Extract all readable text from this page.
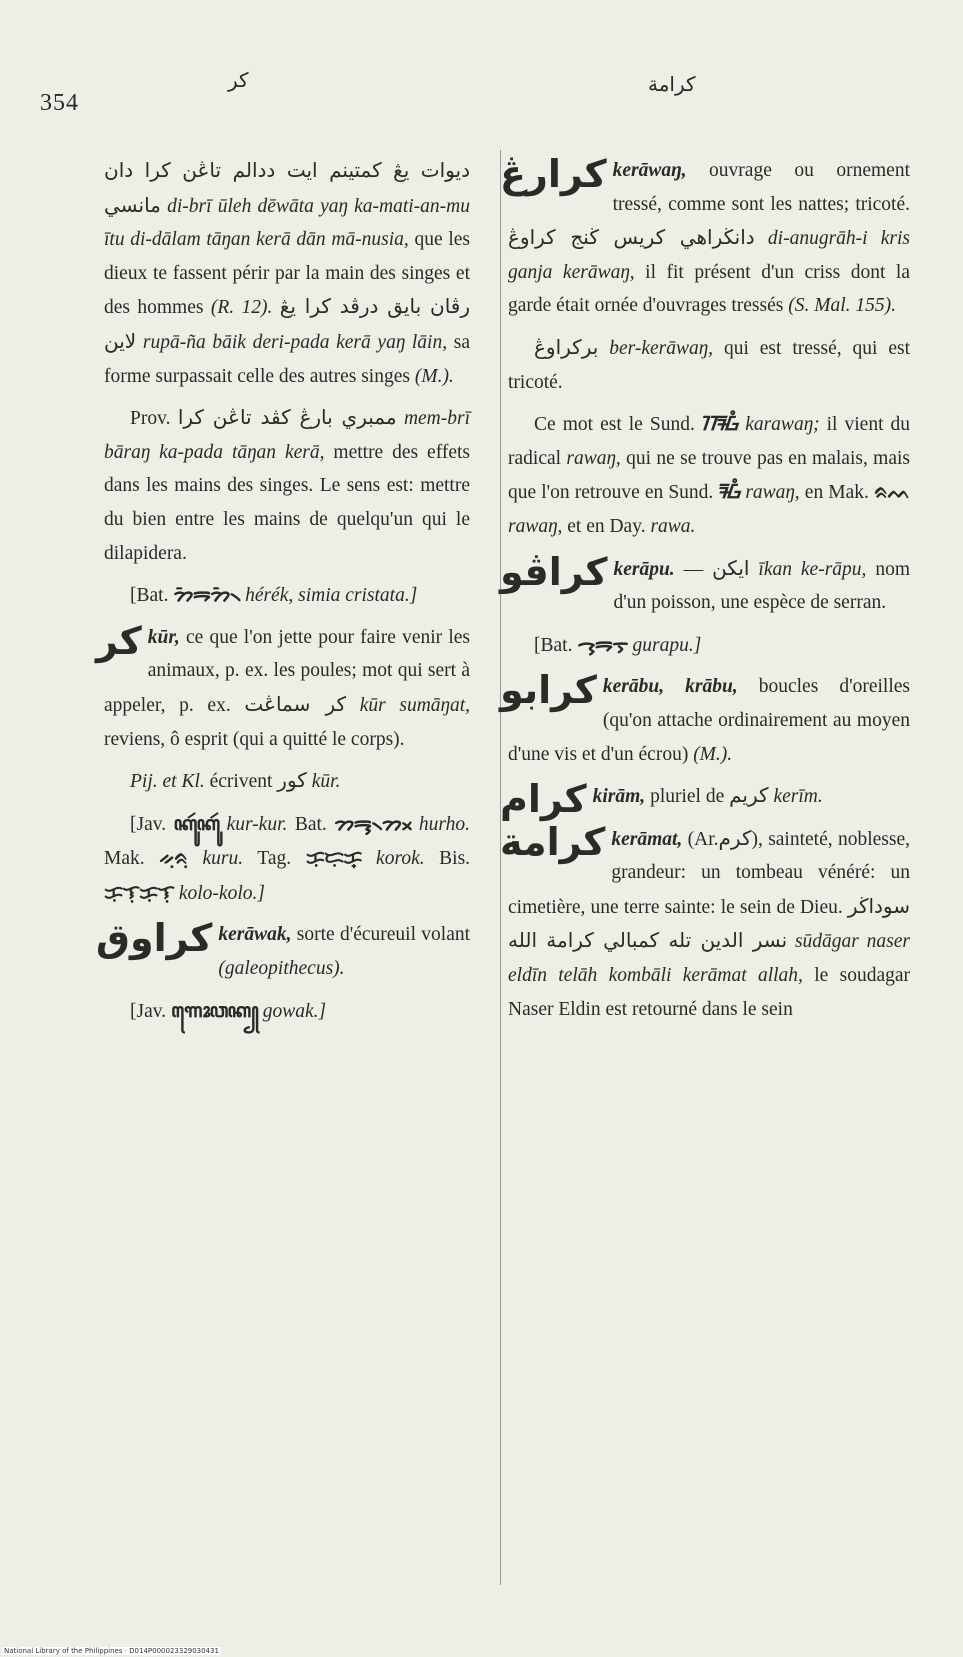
354
كر	كرامة

ديوات يڠ كمتينم ايت ددالم تاڠن كرا دان مانسي di-brī ūleh dēwāta yaŋ ka-mati-an-mu ītu di-dālam tāŋan kerā dān mā-nusia, que les dieux te fassent périr par la main des singes et des hommes (R. 12). رڤان بايق درڤد كرا يڠ لاين rupā-ña bāik deri-pada kerā yaŋ lāin, sa forme surpassait celle des autres singes (M.).

Prov. ممبري بارڠ كڤد تاڠن كرا mem-brī bāraŋ ka-pada tāŋan kerā, mettre des effets dans les mains des singes. Le sens est: mettre du bien entre les mains de quelqu'un qui le dilapidera.

[Bat. ᯂᯩᯒᯩᯂ᯲ hérék, simia cristata.]

كر kūr, ce que l'on jette pour faire venir les animaux, p. ex. les poules; mot qui sert à appeler, p. ex. كر سماڠت kūr sumāŋat, reviens, ô esprit (qui a quitté le corps).

Pij. et Kl. écrivent كور kūr.

[Jav. ꦏꦸꦂꦏꦸꦂ kur-kur. Bat. ᯂᯮᯒ᯲ᯂᯬ hurho. Mak. ᨀᨘᨑᨘ kuru. Tag. ᜃᜓᜇᜓᜃ᜔ korok. Bis. ᜃᜓᜎᜓᜃᜓᜎᜓ kolo-kolo.]

كراوق kerāwak, sorte d'écureuil volant (galeopithecus).

[Jav. ꦒꦺꦴꦮꦏ꧀ gowak.]

كرارڠ kerāwaŋ, ouvrage ou ornement tressé, comme sont les nattes; tricoté. دانڬراهي كريس ڬنج كراوڠ di-anugrāh-i kris ganja kerāwaŋ, il fit présent d'un criss dont la garde était ornée d'ouvrages tressés (S. Mal. 155).

بركراوڠ ber-kerāwaŋ, qui est tressé, qui est tricoté.

Ce mot est le Sund. ᮊᮛᮝᮀ karawaŋ; il vient du radical rawaŋ, qui ne se trouve pas en malais, mais que l'on retrouve en Sund. ᮛᮝᮀ rawaŋ, en Mak. ᨑᨓ rawaŋ, et en Day. rawa.

كراڤو kerāpu. — ايكن īkan ke-rāpu, nom d'un poisson, une espèce de serran.

[Bat. ᯎᯮᯒᯇᯮ gurapu.]

كرابو kerābu, krābu, boucles d'oreilles (qu'on attache ordinairement au moyen d'une vis et d'un écrou) (M.).

كرام kirām, pluriel de كريم kerīm.

كرامة kerāmat, (Ar.كرم), sainteté, noblesse, grandeur: un tombeau vénéré: un cimetière, une terre sainte: le sein de Dieu. سوداڬر نسر الدين تله كمبالي كرامة الله sūdāgar naser eldīn telāh kombāli kerāmat allah, le soudagar Naser Eldin est retourné dans le sein

National Library of the Philippines · D014P000023329030431
